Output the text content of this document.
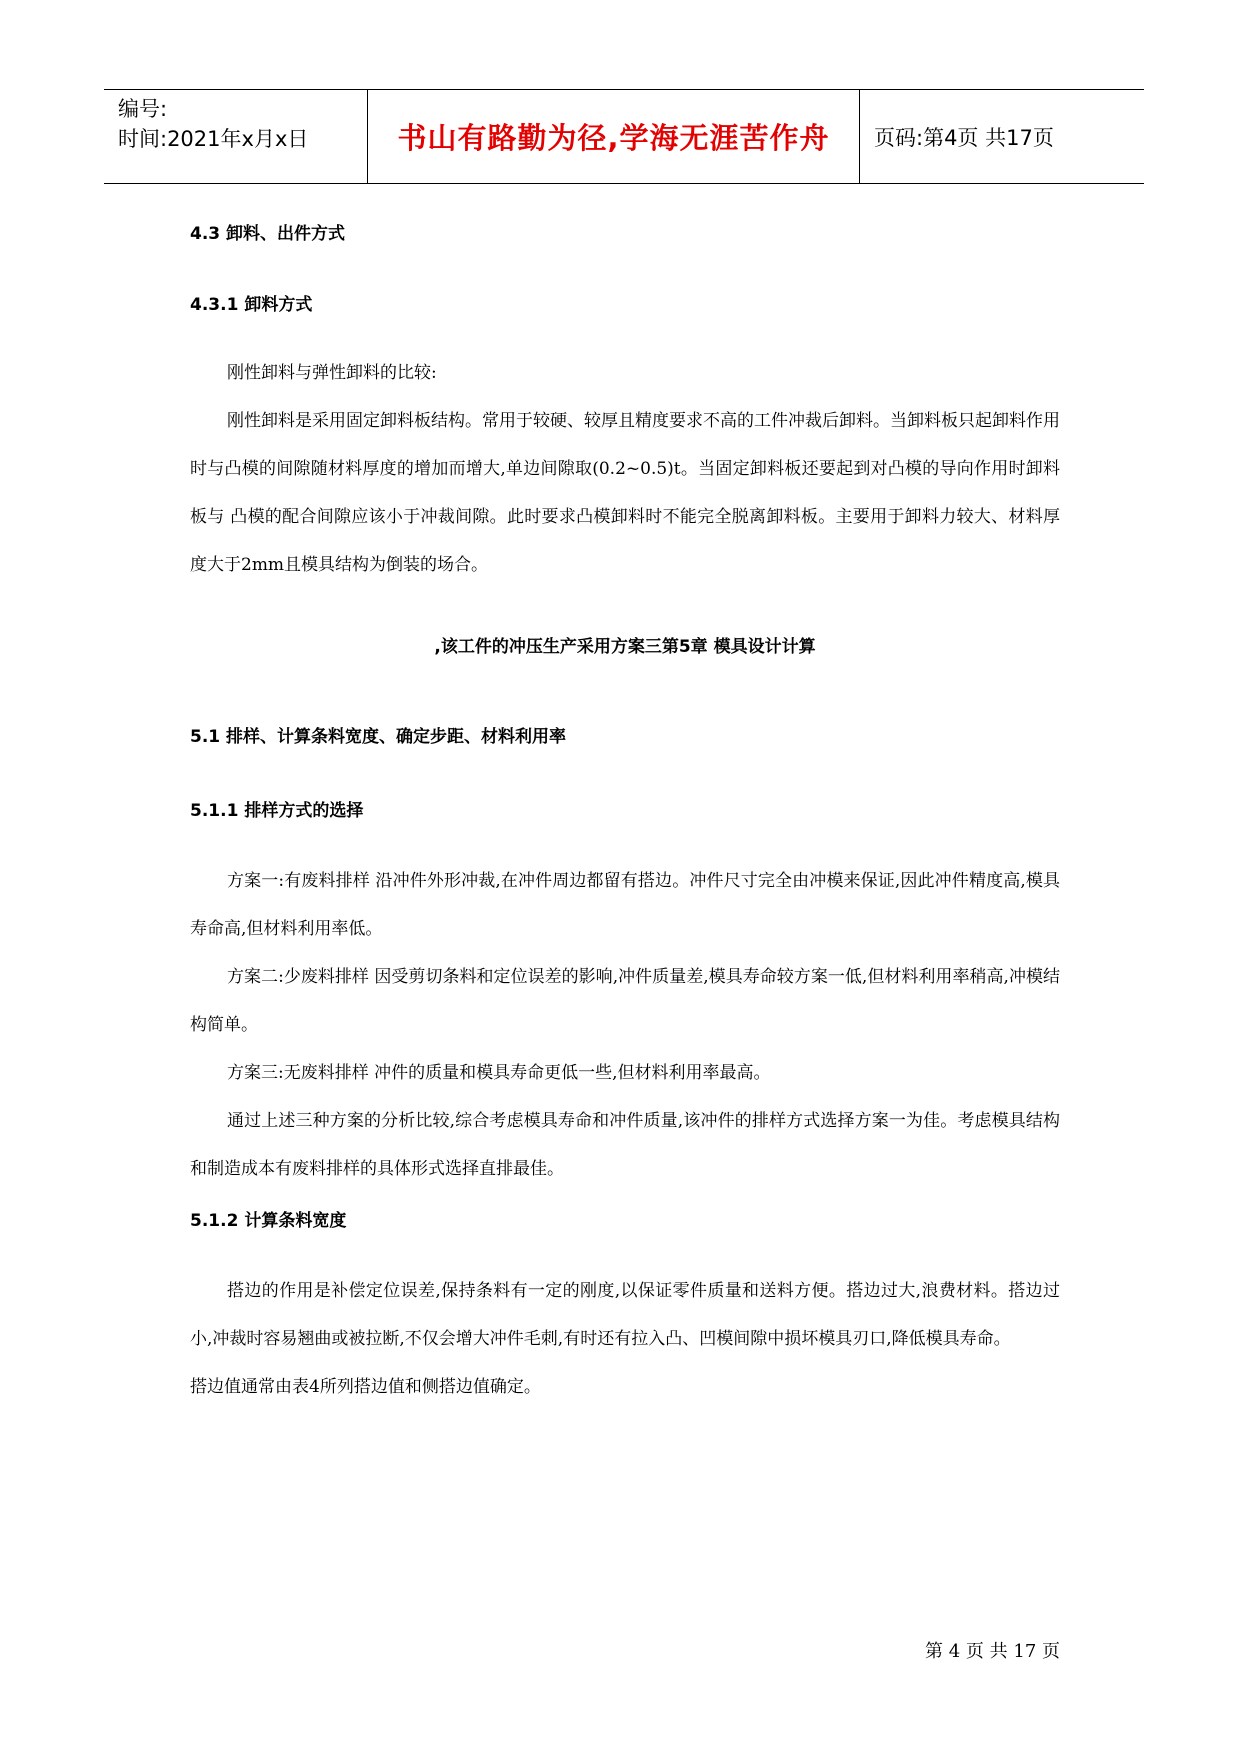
编号:
时间:2021年x月x日	书山有路勤为径,学海无涯苦作舟	页码:第4页 共17页
4.3 卸料、出件方式
4.3.1 卸料方式

刚性卸料与弹性卸料的比较:

刚性卸料是采用固定卸料板结构。常用于较硬、较厚且精度要求不高的工件冲裁后卸料。当卸料板只起卸料作用时与凸模的间隙随材料厚度的增加而增大,单边间隙取(0.2~0.5)t。当固定卸料板还要起到对凸模的导向作用时卸料板与 凸模的配合间隙应该小于冲裁间隙。此时要求凸模卸料时不能完全脱离卸料板。主要用于卸料力较大、材料厚度大于2mm且模具结构为倒装的场合。

,该工件的冲压生产采用方案三第5章 模具设计计算
5.1 排样、计算条料宽度、确定步距、材料利用率
5.1.1 排样方式的选择

方案一:有废料排样 沿冲件外形冲裁,在冲件周边都留有搭边。冲件尺寸完全由冲模来保证,因此冲件精度高,模具寿命高,但材料利用率低。

方案二:少废料排样 因受剪切条料和定位误差的影响,冲件质量差,模具寿命较方案一低,但材料利用率稍高,冲模结构简单。

方案三:无废料排样 冲件的质量和模具寿命更低一些,但材料利用率最高。

通过上述三种方案的分析比较,综合考虑模具寿命和冲件质量,该冲件的排样方式选择方案一为佳。考虑模具结构和制造成本有废料排样的具体形式选择直排最佳。

5.1.2 计算条料宽度

搭边的作用是补偿定位误差,保持条料有一定的刚度,以保证零件质量和送料方便。搭边过大,浪费材料。搭边过小,冲裁时容易翘曲或被拉断,不仅会增大冲件毛刺,有时还有拉入凸、凹模间隙中损坏模具刃口,降低模具寿命。

搭边值通常由表4所列搭边值和侧搭边值确定。

第 4 页 共 17 页
